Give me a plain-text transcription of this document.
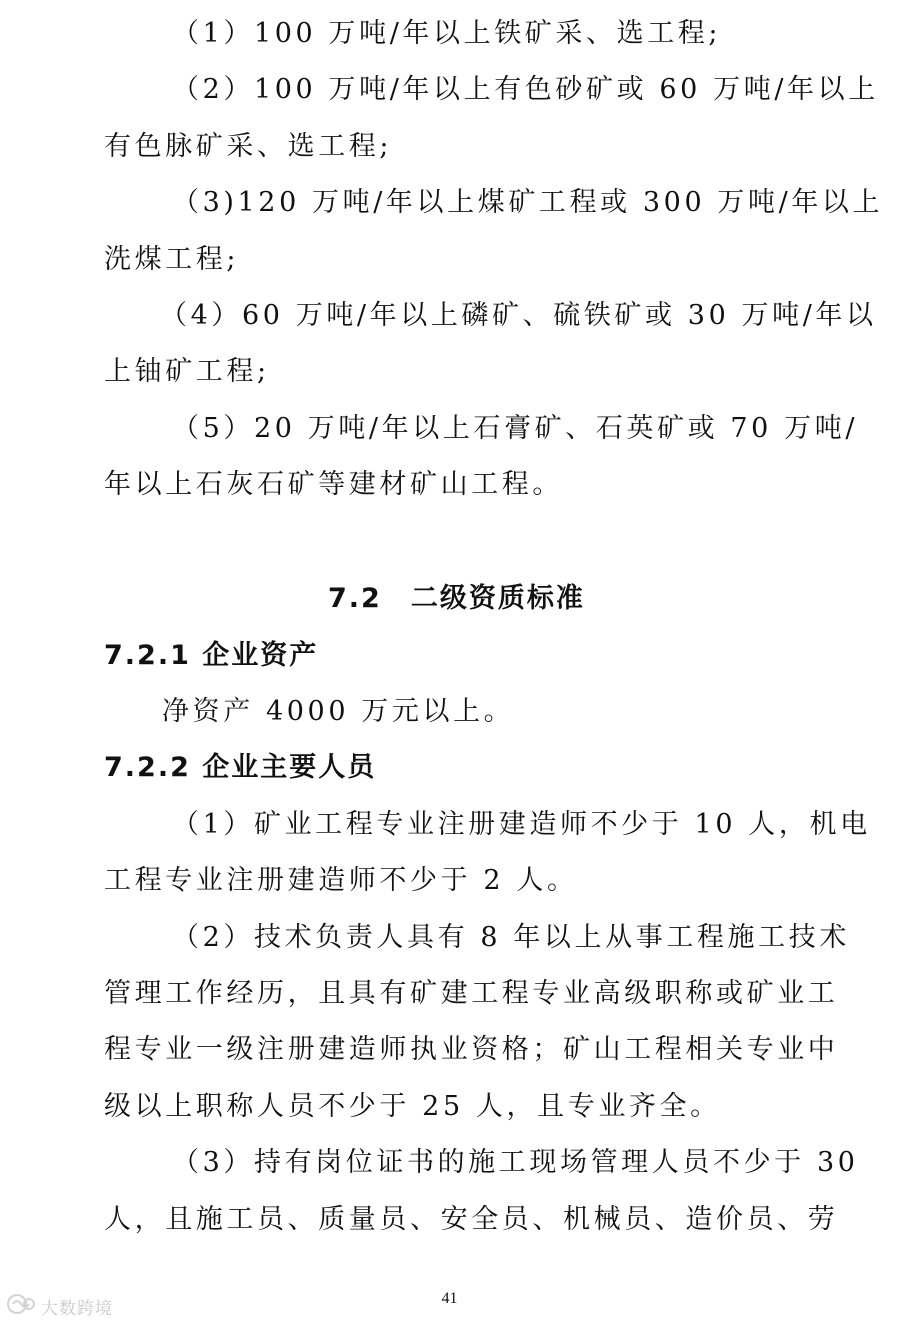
（1）100 万吨/年以上铁矿采、选工程;
（2）100 万吨/年以上有色砂矿或 60 万吨/年以上
有色脉矿采、选工程;
（3)120 万吨/年以上煤矿工程或 300 万吨/年以上
洗煤工程;
（4）60 万吨/年以上磷矿、硫铁矿或 30 万吨/年以
上铀矿工程;
（5）20 万吨/年以上石膏矿、石英矿或 70 万吨/
年以上石灰石矿等建材矿山工程。
7.2　二级资质标准
7.2.1 企业资产
净资产 4000 万元以上。
7.2.2 企业主要人员
（1）矿业工程专业注册建造师不少于 10 人，机电
工程专业注册建造师不少于 2 人。
（2）技术负责人具有 8 年以上从事工程施工技术
管理工作经历，且具有矿建工程专业高级职称或矿业工
程专业一级注册建造师执业资格；矿山工程相关专业中
级以上职称人员不少于 25 人，且专业齐全。
（3）持有岗位证书的施工现场管理人员不少于 30
人，且施工员、质量员、安全员、机械员、造价员、劳
41
大数跨境
